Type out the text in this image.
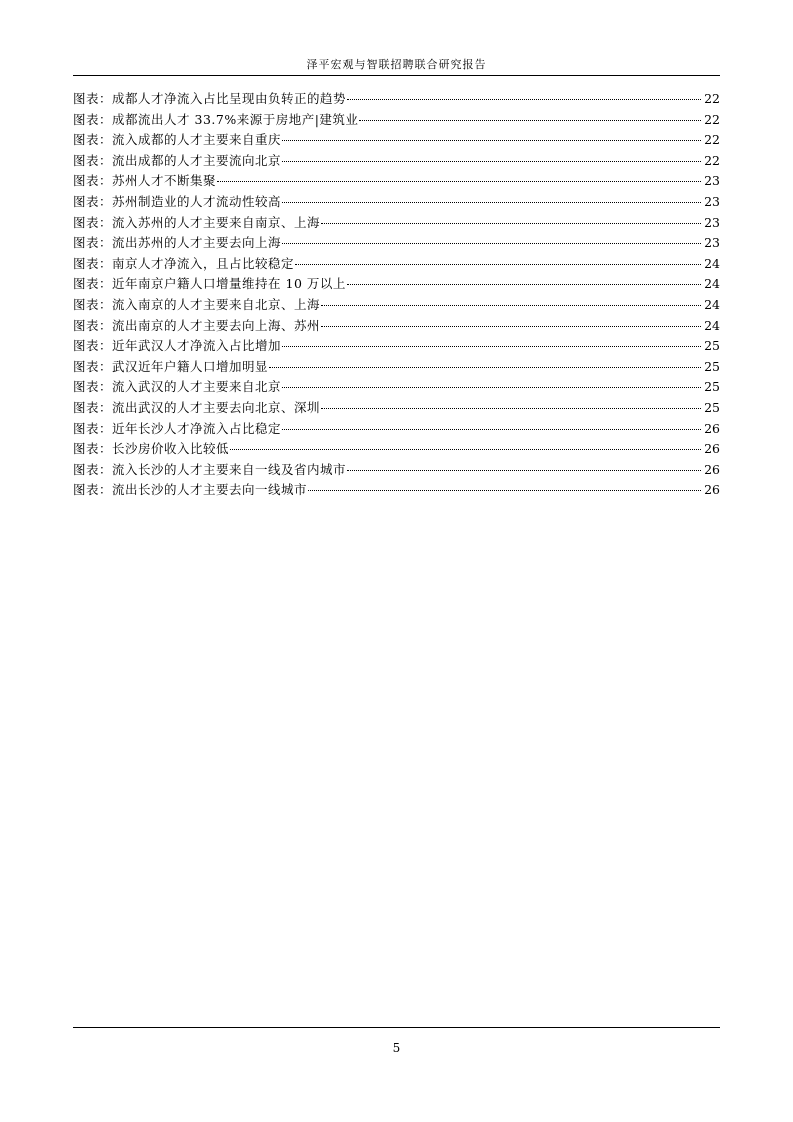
泽平宏观与智联招聘联合研究报告
图表： 成都人才净流入占比呈现由负转正的趋势	22
图表： 成都流出人才 33.7%来源于房地产|建筑业	22
图表： 流入成都的人才主要来自重庆	22
图表： 流出成都的人才主要流向北京	22
图表： 苏州人才不断集聚	23
图表： 苏州制造业的人才流动性较高	23
图表： 流入苏州的人才主要来自南京、上海	23
图表： 流出苏州的人才主要去向上海	23
图表： 南京人才净流入，且占比较稳定	24
图表： 近年南京户籍人口增量维持在 10 万以上	24
图表： 流入南京的人才主要来自北京、上海	24
图表： 流出南京的人才主要去向上海、苏州	24
图表： 近年武汉人才净流入占比增加	25
图表： 武汉近年户籍人口增加明显	25
图表： 流入武汉的人才主要来自北京	25
图表： 流出武汉的人才主要去向北京、深圳	25
图表： 近年长沙人才净流入占比稳定	26
图表： 长沙房价收入比较低	26
图表： 流入长沙的人才主要来自一线及省内城市	26
图表： 流出长沙的人才主要去向一线城市	26
5
